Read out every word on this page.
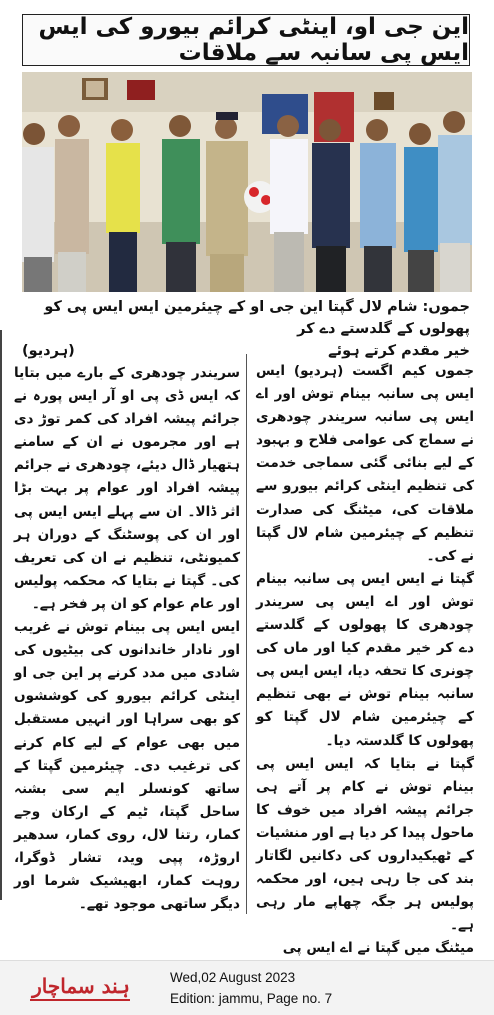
این جی او، اینٹی کرائم بیورو کی ایس ایس پی سانبہ سے ملاقات
جموں: شام لال گپتا این جی او کے چیئرمین ایس ایس پی کو پھولوں کے گلدستے دے کر
خیر مقدم کرتے ہوئے
(ہردیو)

جموں کیم اگست (ہردیو) ایس ایس پی سانبہ بینام توش اور اے ایس پی سانبہ سریندر چودھری نے سماج کی عوامی فلاح و بہبود کے لیے بنائی گئی سماجی خدمت کی تنظیم اینٹی کرائم بیورو سے ملاقات کی، میٹنگ کی صدارت تنظیم کے چیئرمین شام لال گپتا نے کی۔

گپتا نے ایس ایس پی سانبہ بینام توش اور اے ایس پی سریندر چودھری کا پھولوں کے گلدستے دے کر خیر مقدم کیا اور ماں کی چونری کا تحفہ دیا، ایس ایس پی سانبہ بینام توش نے بھی تنظیم کے چیئرمین شام لال گپتا کو پھولوں کا گلدستہ دیا۔

گپتا نے بتایا کہ ایس ایس پی بینام توش نے کام پر آتے ہی جرائم پیشہ افراد میں خوف کا ماحول پیدا کر دیا ہے اور منشیات کے ٹھیکیداروں کی دکانیں لگاتار بند کی جا رہی ہیں، اور محکمہ پولیس ہر جگہ چھاپے مار رہی ہے۔

میٹنگ میں گپتا نے اے ایس پی

سریندر چودھری کے بارے میں بتایا کہ ایس ڈی پی او آر ایس پورہ نے جرائم پیشہ افراد کی کمر توڑ دی ہے اور مجرموں نے ان کے سامنے ہتھیار ڈال دیئے، چودھری نے جرائم پیشہ افراد اور عوام پر بہت بڑا اثر ڈالا۔ ان سے پہلے ایس ایس پی اور ان کی پوسٹنگ کے دوران ہر کمیونٹی، تنظیم نے ان کی تعریف کی۔ گپتا نے بتایا کہ محکمہ پولیس اور عام عوام کو ان پر فخر ہے۔

ایس ایس پی بینام توش نے غریب اور نادار خاندانوں کی بیٹیوں کی شادی میں مدد کرنے پر این جی او اینٹی کرائم بیورو کی کوششوں کو بھی سراہا اور انہیں مستقبل میں بھی عوام کے لیے کام کرنے کی ترغیب دی۔ چیئرمین گپتا کے ساتھ کونسلر ایم سی بشنہ ساحل گپتا، ٹیم کے ارکان وجے کمار، رتنا لال، روی کمار، سدھیر اروڑہ، پپی وید، تشار ڈوگرا، روہت کمار، ابھیشیک شرما اور دیگر ساتھی موجود تھے۔

ہند سماچار	Wed,02 August 2023
Edition: jammu, Page no. 7
